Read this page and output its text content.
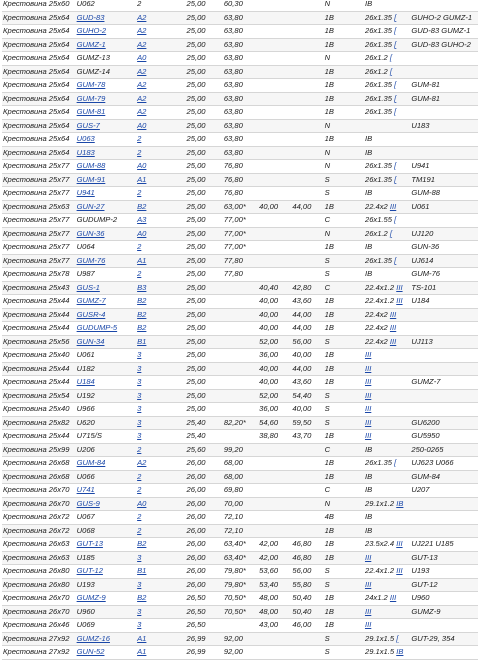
Крестовина 25х60	U062	2	25,00	60,30			N	IB	
Крестовина 25х64	GUD-83	A2	25,00	63,80			1B	26x1.35 [	GUHO-2 GUMZ-1
Крестовина 25х64	GUHO-2	A2	25,00	63,80			1B	26x1.35 [	GUD-83 GUMZ-1
Крестовина 25х64	GUMZ-1	A2	25,00	63,80			1B	26x1.35 [	GUD-83 GUHO-2
Крестовина 25х64	GUMZ-13	A0	25,00	63,80			N	26x1.2 [	
Крестовина 25х64	GUMZ-14	A2	25,00	63,80			1B	26x1.2 [	
Крестовина 25х64	GUM-78	A2	25,00	63,80			1B	26x1.35 [	GUM-81
Крестовина 25х64	GUM-79	A2	25,00	63,80			1B	26x1.35 [	GUM-81
Крестовина 25х64	GUM-81	A2	25,00	63,80			1B	26x1.35 [	
Крестовина 25х64	GUS-7	A0	25,00	63,80			N		U183
Крестовина 25х64	U063	2	25,00	63,80			1B	IB	
Крестовина 25х64	U183	2	25,00	63,80			N	IB	
Крестовина 25х77	GUM-88	A0	25,00	76,80			N	26x1.35 [	U941
Крестовина 25х77	GUM-91	A1	25,00	76,80			S	26x1.35 [	TM191
Крестовина 25х77	U941	2	25,00	76,80			S	IB	GUM-88
Крестовина 25х63	GUN-27	B2	25,00	63,00*	40,00	44,00	1B	22.4x2 III	U061
Крестовина 25х77	GUDUMP-2	A3	25,00	77,00*			C	26x1.55 [	
Крестовина 25х77	GUN-36	A0	25,00	77,00*			N	26x1.2 [	UJ120
Крестовина 25х77	U064	2	25,00	77,00*			1B	IB	GUN-36
Крестовина 25х77	GUM-76	A1	25,00	77,80			S	26x1.35 [	UJ614
Крестовина 25х78	U987	2	25,00	77,80			S	IB	GUM-76
Крестовина 25х43	GUS-1	B3	25,00		40,40	42,80	C	22.4x1.2 III	TS-101
Крестовина 25х44	GUMZ-7	B2	25,00		40,00	43,60	1B	22.4x1.2 III	U184
Крестовина 25х44	GUSR-4	B2	25,00		40,00	44,00	1B	22.4x2 III	
Крестовина 25х44	GUDUMP-5	B2	25,00		40,00	44,00	1B	22.4x2 III	
Крестовина 25х56	GUN-34	B1	25,00		52,00	56,00	S	22.4x2 III	UJ113
Крестовина 25х40	U061	3	25,00		36,00	40,00	1B	III	
Крестовина 25х44	U182	3	25,00		40,00	44,00	1B	III	
Крестовина 25х44	U184	3	25,00		40,00	43,60	1B	III	GUMZ-7
Крестовина 25х54	U192	3	25,00		52,00	54,40	S	III	
Крестовина 25х40	U966	3	25,00		36,00	40,00	S	III	
Крестовина 25х82	U620	3	25,40	82,20*	54,60	59,50	S	III	GU6200
Крестовина 25х44	U715/S	3	25,40		38,80	43,70	1B	III	GU5950
Крестовина 25х99	U206	2	25,60	99,20			C	IB	250-0265
Крестовина 26х68	GUM-84	A2	26,00	68,00			1B	26x1.35 [	UJ623 U066
Крестовина 26х68	U066	2	26,00	68,00			1B	IB	GUM-84
Крестовина 26х70	U741	2	26,00	69,80			C	IB	U207
Крестовина 26х70	GUS-9	A0	26,00	70,00			N	29.1x1.2 IB	
Крестовина 26х72	U067	2	26,00	72,10			4B	IB	
Крестовина 26х72	U068	2	26,00	72,10			1B	IB	
Крестовина 26х63	GUT-13	B2	26,00	63,40*	42,00	46,80	1B	23.5x2.4 III	UJ221 U185
Крестовина 26х63	U185	3	26,00	63,40*	42,00	46,80	1B	III	GUT-13
Крестовина 26х80	GUT-12	B1	26,00	79,80*	53,60	56,00	S	22.4x1.2 III	U193
Крестовина 26х80	U193	3	26,00	79,80*	53,40	55,80	S	III	GUT-12
Крестовина 26х70	GUMZ-9	B2	26,50	70,50*	48,00	50,40	1B	24x1.2 III	U960
Крестовина 26х70	U960	3	26,50	70,50*	48,00	50,40	1B	III	GUMZ-9
Крестовина 26х46	U069	3	26,50		43,00	46,00	1B	III	
Крестовина 27х92	GUMZ-16	A1	26,99	92,00			S	29.1x1.5 [	GUT-29, 354
Крестовина 27х92	GUN-52	A1	26,99	92,00			S	29.1x1.5 IB	
